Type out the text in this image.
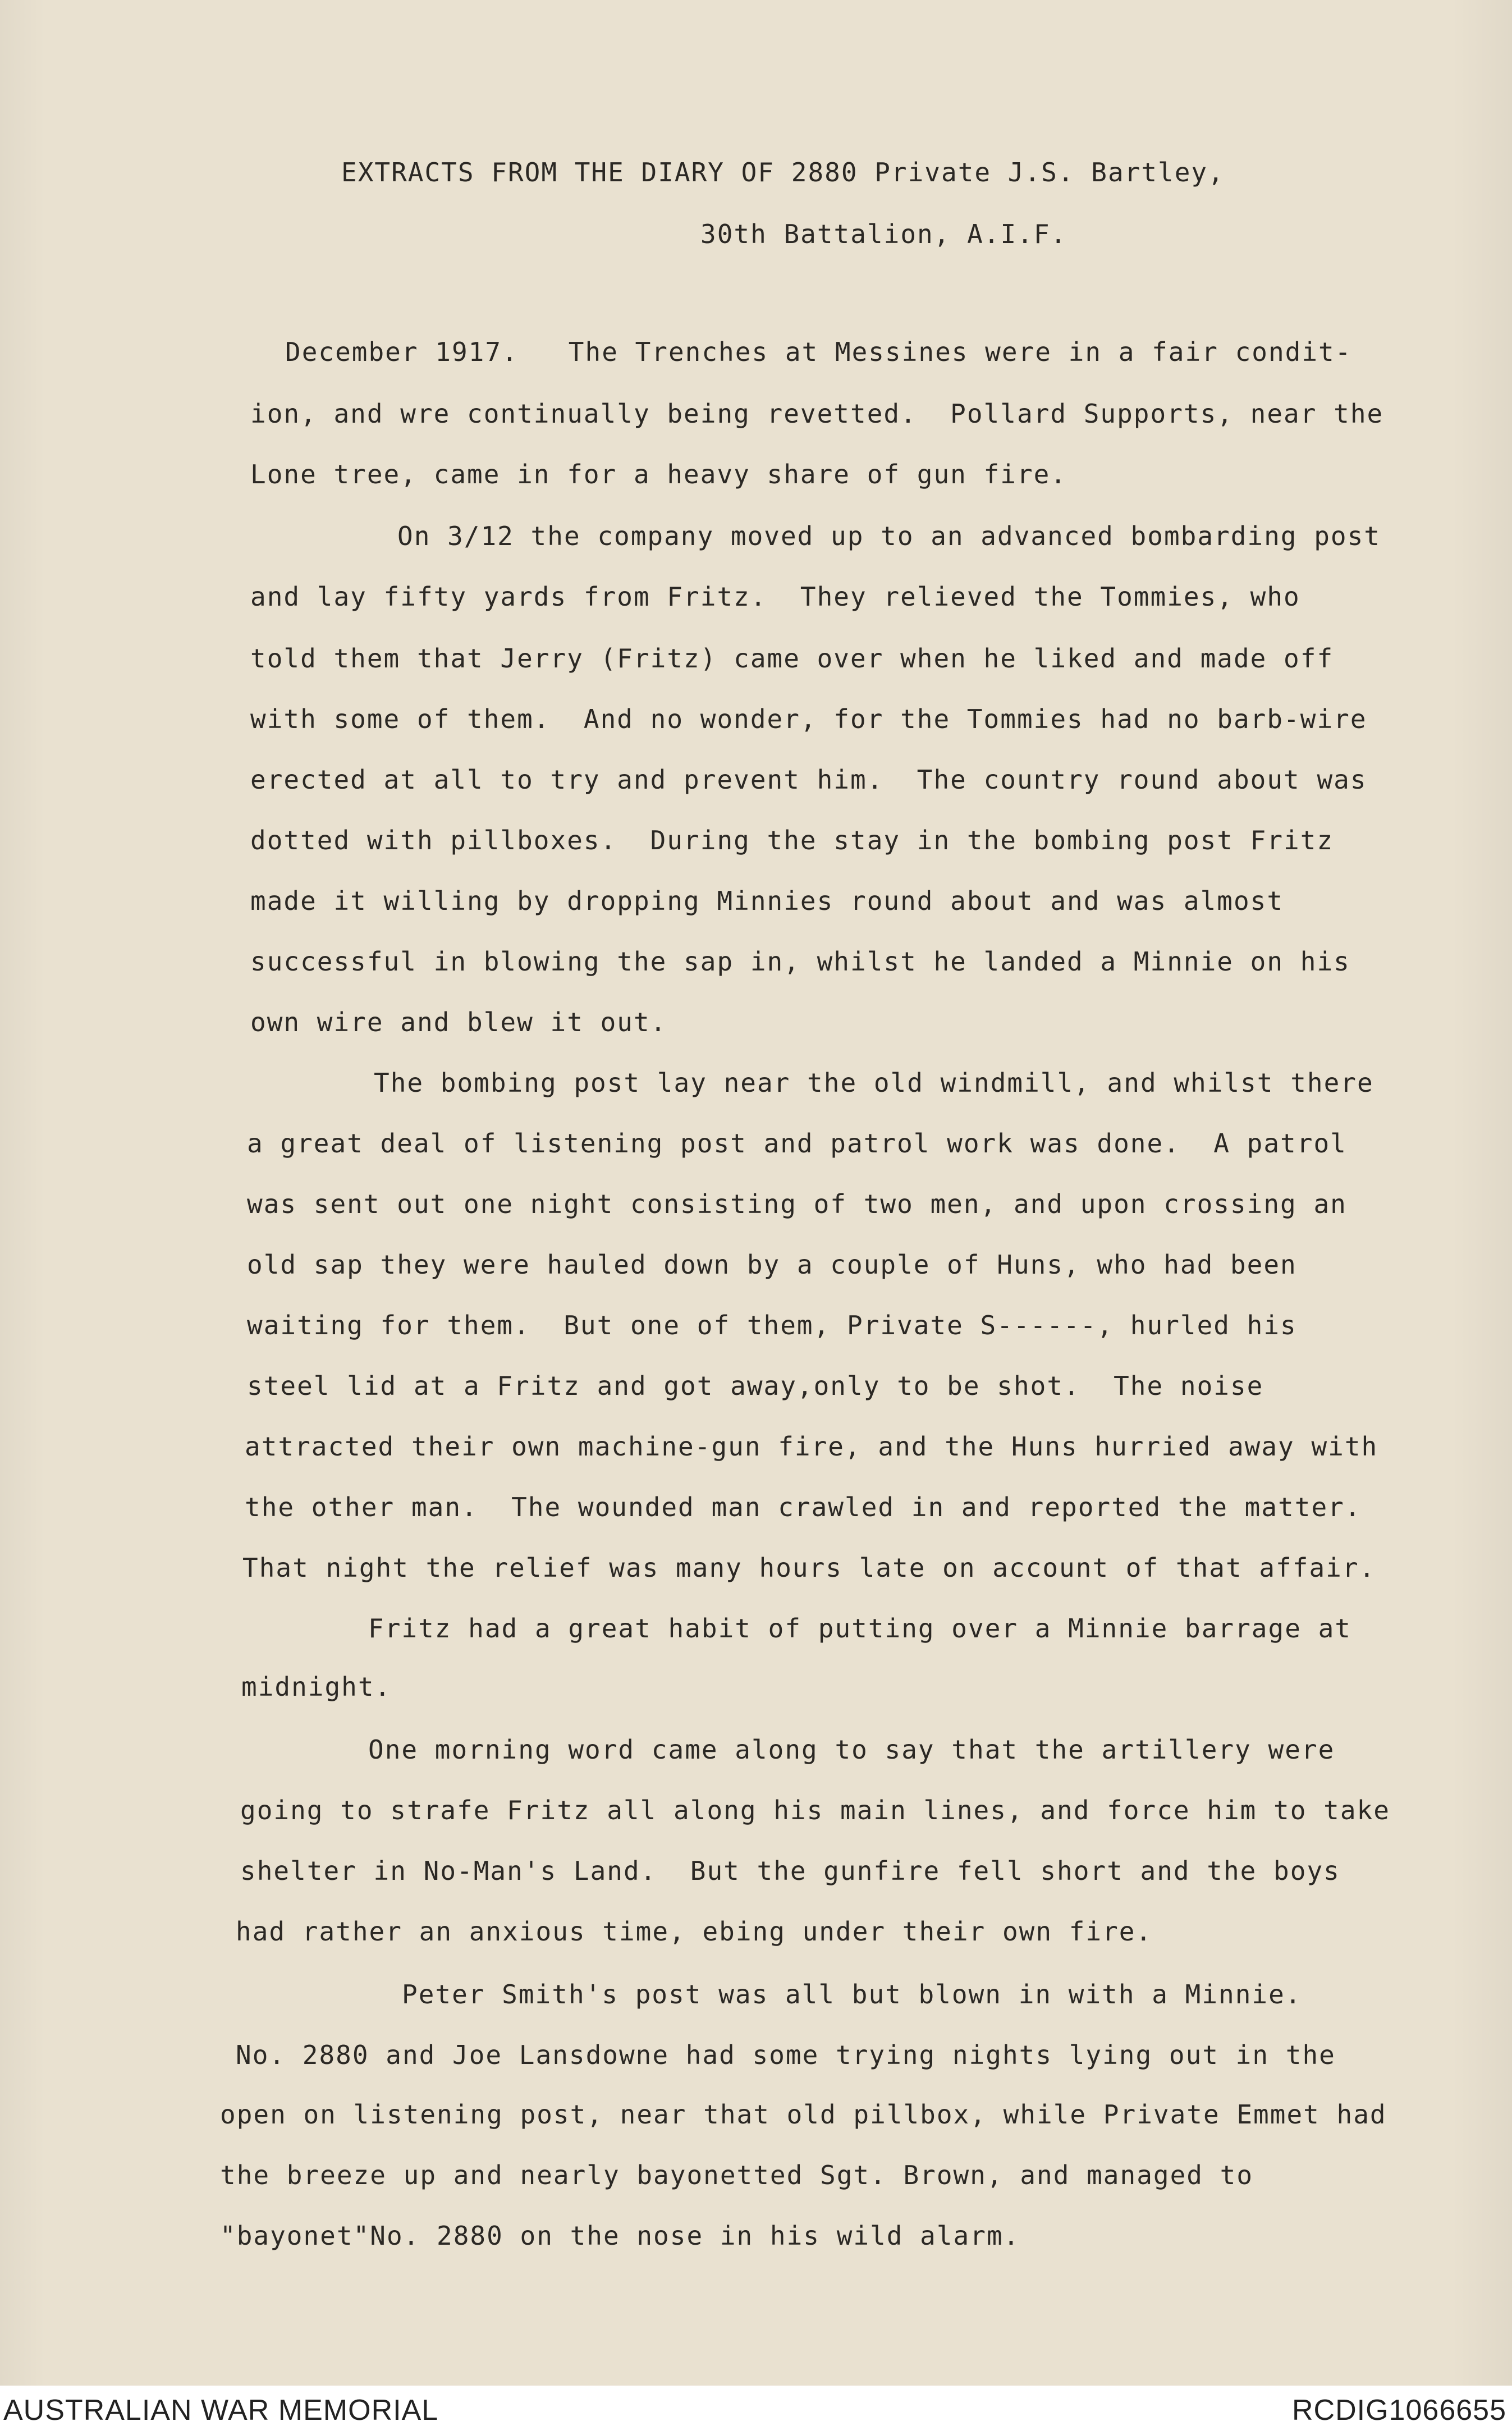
EXTRACTS FROM THE DIARY OF 2880 Private J.S. Bartley,
30th Battalion, A.I.F.
December 1917.   The Trenches at Messines were in a fair condit-
ion, and wre continually being revetted.  Pollard Supports, near the
Lone tree, came in for a heavy share of gun fire.
On 3/12 the company moved up to an advanced bombarding post
and lay fifty yards from Fritz.  They relieved the Tommies, who
told them that Jerry (Fritz) came over when he liked and made off
with some of them.  And no wonder, for the Tommies had no barb-wire
erected at all to try and prevent him.  The country round about was
dotted with pillboxes.  During the stay in the bombing post Fritz
made it willing by dropping Minnies round about and was almost
successful in blowing the sap in, whilst he landed a Minnie on his
own wire and blew it out.
The bombing post lay near the old windmill, and whilst there
a great deal of listening post and patrol work was done.  A patrol
was sent out one night consisting of two men, and upon crossing an
old sap they were hauled down by a couple of Huns, who had been
waiting for them.  But one of them, Private S------, hurled his
steel lid at a Fritz and got away,only to be shot.  The noise
attracted their own machine-gun fire, and the Huns hurried away with
the other man.  The wounded man crawled in and reported the matter.
That night the relief was many hours late on account of that affair.
Fritz had a great habit of putting over a Minnie barrage at
midnight.
One morning word came along to say that the artillery were
going to strafe Fritz all along his main lines, and force him to take
shelter in No-Man's Land.  But the gunfire fell short and the boys
had rather an anxious time, ebing under their own fire.
Peter Smith's post was all but blown in with a Minnie.
No. 2880 and Joe Lansdowne had some trying nights lying out in the
open on listening post, near that old pillbox, while Private Emmet had
the breeze up and nearly bayonetted Sgt. Brown, and managed to
"bayonet"No. 2880 on the nose in his wild alarm.
AUSTRALIAN WAR MEMORIAL	RCDIG1066655
